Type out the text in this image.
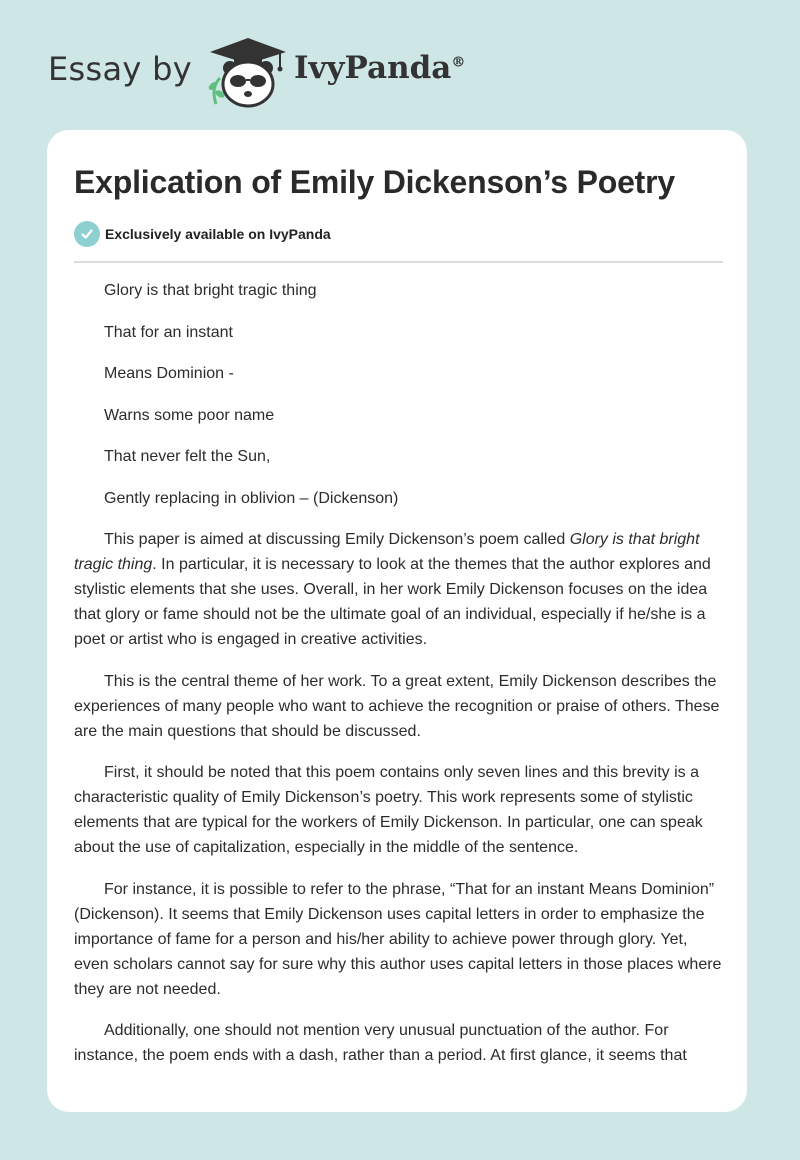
Essay by	IvyPanda®
Explication of Emily Dickenson’s Poetry
Exclusively available on IvyPanda

Glory is that bright tragic thing

That for an instant

Means Dominion -

Warns some poor name

That never felt the Sun,

Gently replacing in oblivion – (Dickenson)

This paper is aimed at discussing Emily Dickenson’s poem called Glory is that bright tragic thing. In particular, it is necessary to look at the themes that the author explores and stylistic elements that she uses. Overall, in her work Emily Dickenson focuses on the idea that glory or fame should not be the ultimate goal of an individual, especially if he/she is a poet or artist who is engaged in creative activities.

This is the central theme of her work. To a great extent, Emily Dickenson describes the experiences of many people who want to achieve the recognition or praise of others. These are the main questions that should be discussed.

First, it should be noted that this poem contains only seven lines and this brevity is a characteristic quality of Emily Dickenson’s poetry. This work represents some of stylistic elements that are typical for the workers of Emily Dickenson. In particular, one can speak about the use of capitalization, especially in the middle of the sentence.

For instance, it is possible to refer to the phrase, “That for an instant Means Dominion” (Dickenson). It seems that Emily Dickenson uses capital letters in order to emphasize the importance of fame for a person and his/her ability to achieve power through glory. Yet, even scholars cannot say for sure why this author uses capital letters in those places where they are not needed.

Additionally, one should not mention very unusual punctuation of the author. For instance, the poem ends with a dash, rather than a period. At first glance, it seems that
